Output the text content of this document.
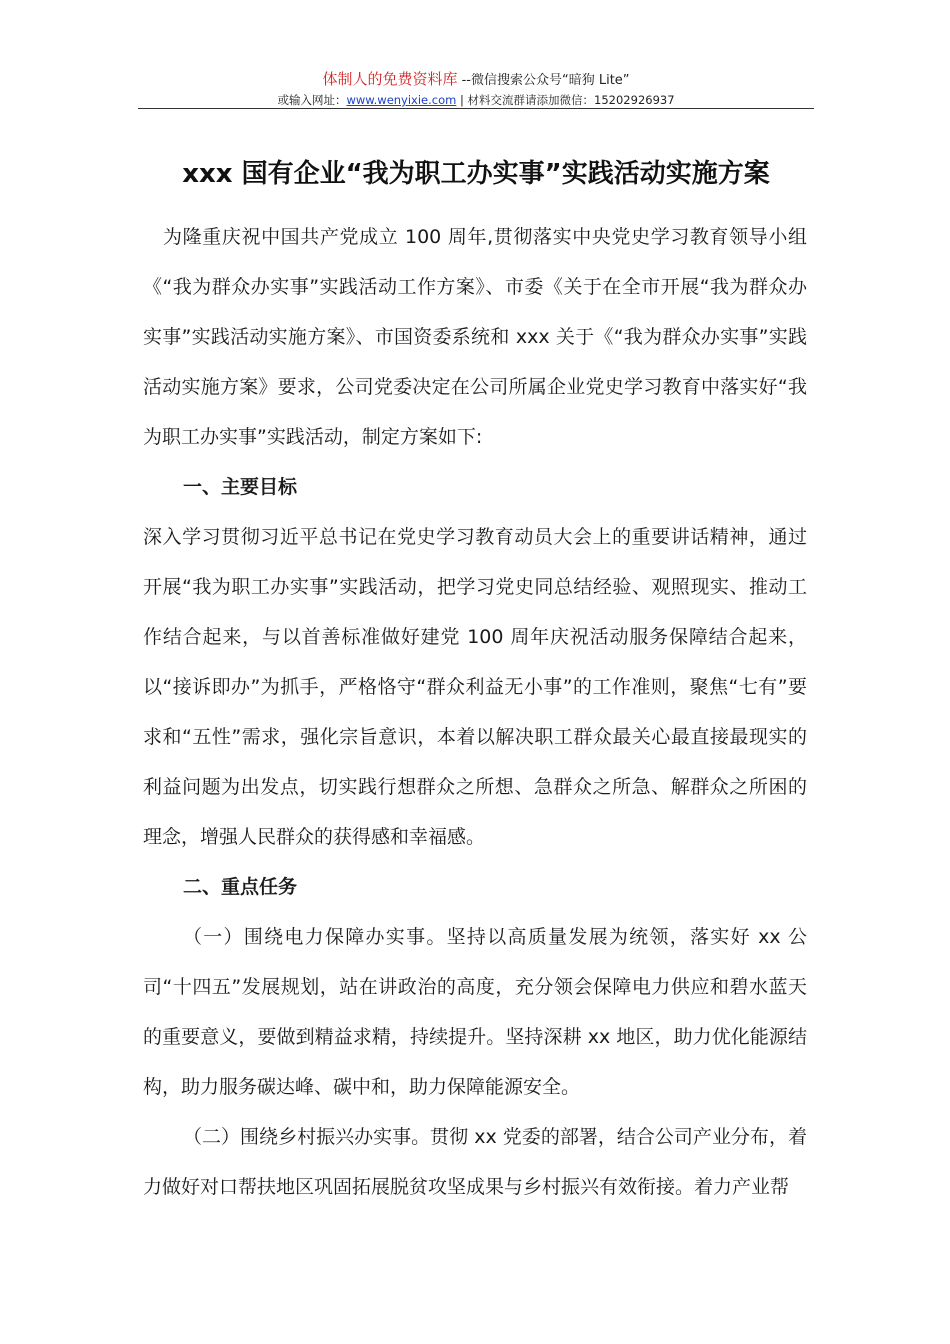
体制人的免费资料库 --微信搜索公众号“暗狗 Lite”
或输入网址：www.wenyixie.com | 材料交流群请添加微信：15202926937
xxx 国有企业“我为职工办实事”实践活动实施方案

为隆重庆祝中国共产党成立 100 周年,贯彻落实中央党史学习教育领导小组《“我为群众办实事”实践活动工作方案》、市委《关于在全市开展“我为群众办实事”实践活动实施方案》、市国资委系统和 xxx 关于《“我为群众办实事”实践活动实施方案》要求，公司党委决定在公司所属企业党史学习教育中落实好“我为职工办实事”实践活动，制定方案如下:

一、主要目标

深入学习贯彻习近平总书记在党史学习教育动员大会上的重要讲话精神，通过开展“我为职工办实事”实践活动，把学习党史同总结经验、观照现实、推动工作结合起来，与以首善标准做好建党 100 周年庆祝活动服务保障结合起来，以“接诉即办”为抓手，严格恪守“群众利益无小事”的工作准则，聚焦“七有”要求和“五性”需求，强化宗旨意识，本着以解决职工群众最关心最直接最现实的利益问题为出发点，切实践行想群众之所想、急群众之所急、解群众之所困的理念，增强人民群众的获得感和幸福感。

二、重点任务

（一）围绕电力保障办实事。坚持以高质量发展为统领，落实好 xx 公司“十四五”发展规划，站在讲政治的高度，充分领会保障电力供应和碧水蓝天的重要意义，要做到精益求精，持续提升。坚持深耕 xx 地区，助力优化能源结构，助力服务碳达峰、碳中和，助力保障能源安全。

（二）围绕乡村振兴办实事。贯彻 xx 党委的部署，结合公司产业分布，着力做好对口帮扶地区巩固拓展脱贫攻坚成果与乡村振兴有效衔接。着力产业帮
